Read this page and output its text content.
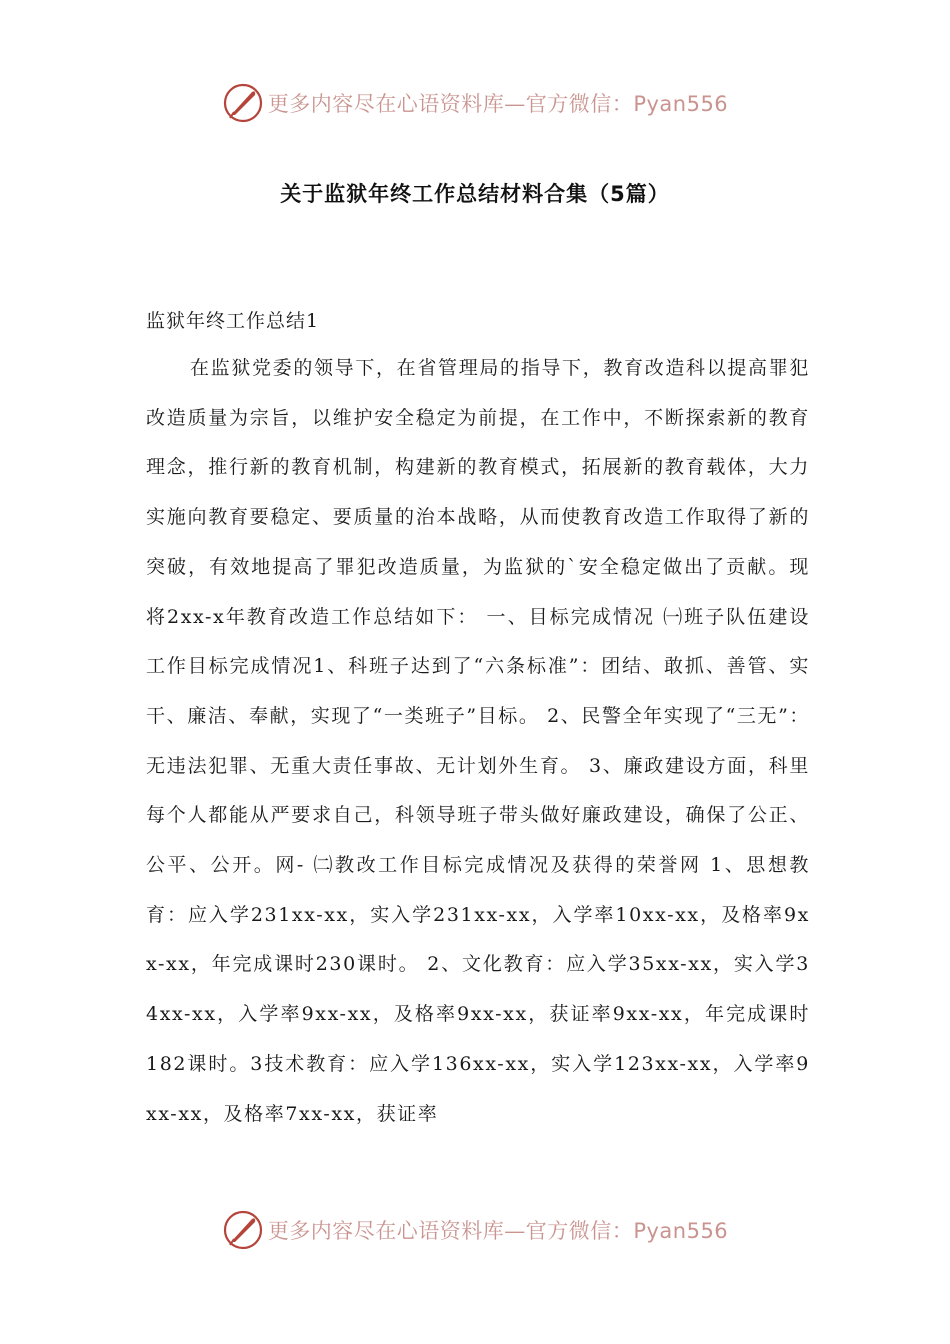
更多内容尽在心语资料库—官方微信：Pyan556
关于监狱年终工作总结材料合集（5篇）

监狱年终工作总结1

在监狱党委的领导下，在省管理局的指导下，教育改造科以提高罪犯改造质量为宗旨，以维护安全稳定为前提，在工作中，不断探索新的教育理念，推行新的教育机制，构建新的教育模式，拓展新的教育载体，大力实施向教育要稳定、要质量的治本战略，从而使教育改造工作取得了新的突破，有效地提高了罪犯改造质量，为监狱的`安全稳定做出了贡献。现将2xx-x年教育改造工作总结如下： 一、目标完成情况 ㈠班子队伍建设工作目标完成情况1、科班子达到了“六条标准”：团结、敢抓、善管、实干、廉洁、奉献，实现了“一类班子”目标。 2、民警全年实现了“三无”：无违法犯罪、无重大责任事故、无计划外生育。 3、廉政建设方面，科里每个人都能从严要求自己，科领导班子带头做好廉政建设，确保了公正、公平、公开。网- ㈡教改工作目标完成情况及获得的荣誉网 1、思想教育：应入学231xx-xx，实入学231xx-xx，入学率10xx-xx，及格率9xx-xx，年完成课时230课时。 2、文化教育：应入学35xx-xx，实入学34xx-xx，入学率9xx-xx，及格率9xx-xx，获证率9xx-xx，年完成课时182课时。3技术教育：应入学136xx-xx，实入学123xx-xx，入学率9xx-xx，及格率7xx-xx，获证率

更多内容尽在心语资料库—官方微信：Pyan556
